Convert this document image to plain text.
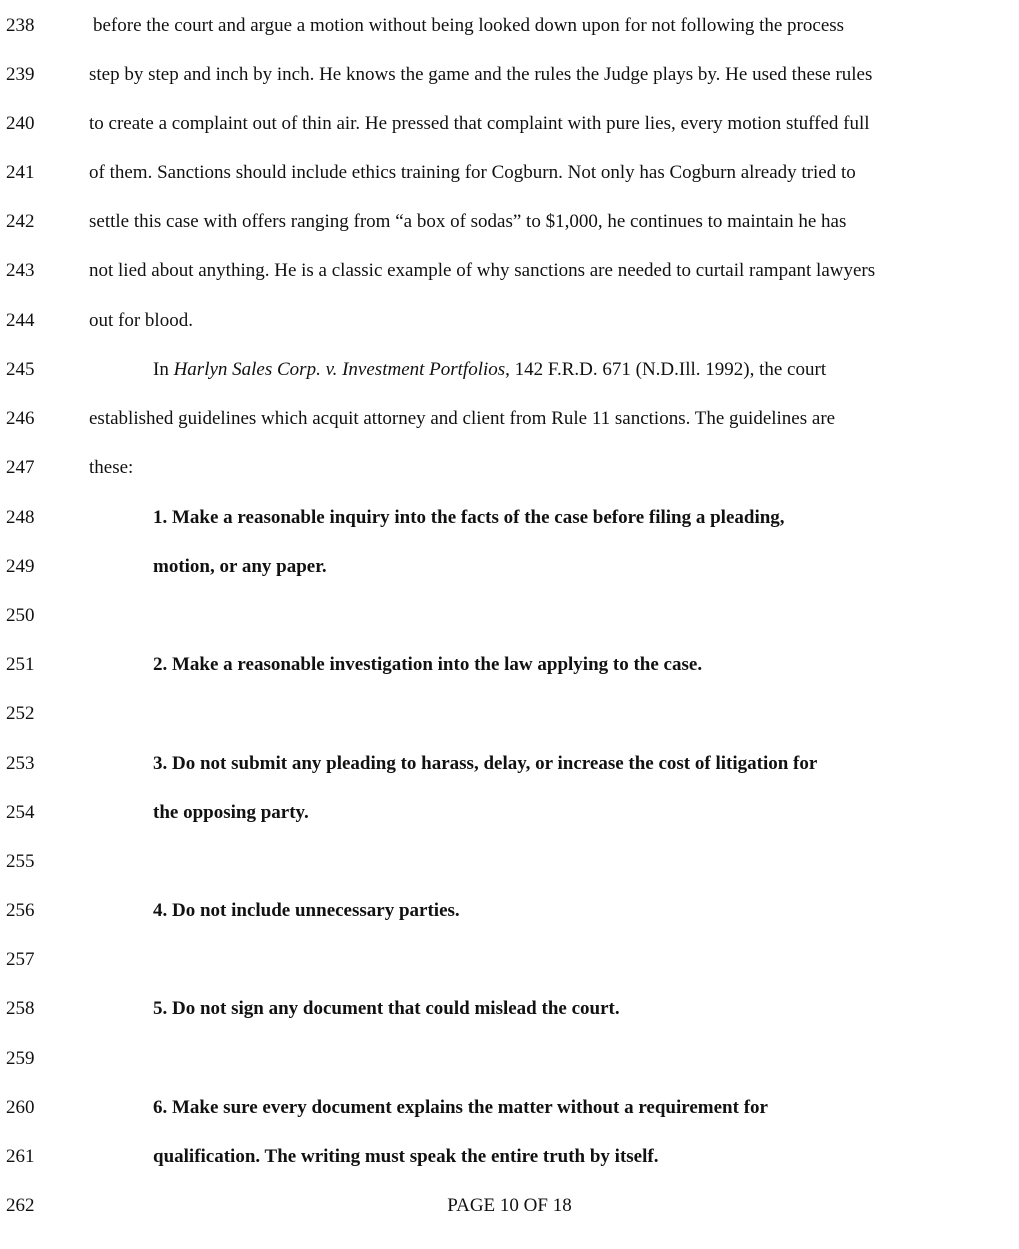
238	before the court and argue a motion without being looked down upon for not following the process
239	step by step and inch by inch. He knows the game and the rules the Judge plays by. He used these rules
240	to create a complaint out of thin air. He pressed that complaint with pure lies, every motion stuffed full
241	of them. Sanctions should include ethics training for Cogburn. Not only has Cogburn already tried to
242	settle this case with offers ranging from “a box of sodas” to $1,000, he continues to maintain he has
243	not lied about anything. He is a classic example of why sanctions are needed to curtail rampant lawyers
244	out for blood.
245	In Harlyn Sales Corp. v. Investment Portfolios, 142 F.R.D. 671 (N.D.Ill. 1992), the court
246	established guidelines which acquit attorney and client from Rule 11 sanctions. The guidelines are
247	these:
248	1. Make a reasonable inquiry into the facts of the case before filing a pleading,
249	motion, or any paper.
250
251	2. Make a reasonable investigation into the law applying to the case.
252
253	3. Do not submit any pleading to harass, delay, or increase the cost of litigation for
254	the opposing party.
255
256	4. Do not include unnecessary parties.
257
258	5. Do not sign any document that could mislead the court.
259
260	6. Make sure every document explains the matter without a requirement for
261	qualification. The writing must speak the entire truth by itself.
262	PAGE 10 OF 18
